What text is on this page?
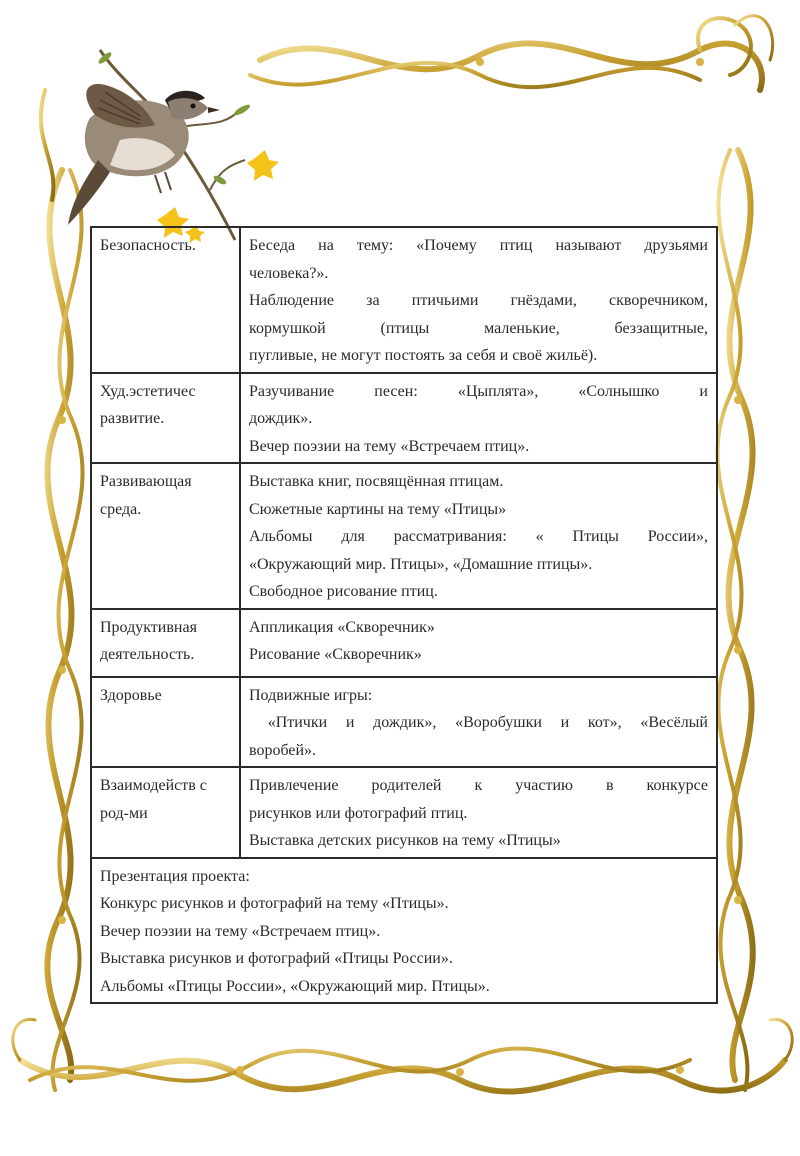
Безопасность.	Беседа на тему: «Почему птиц называют друзьями
человека?».
Наблюдение за птичьими гнёздами, скворечником,
кормушкой (птицы маленькие, беззащитные,
пугливые, не могут постоять за себя и своё жильё).

Худ.эстетичес развитие.	Разучивание песен: «Цыплята», «Солнышко и
дождик».
Вечер поэзии на тему «Встречаем птиц».

Развивающая среда.	Выставка книг, посвящённая птицам.
Сюжетные картины на тему «Птицы»
Альбомы для рассматривания: « Птицы России»,
«Окружающий мир. Птицы», «Домашние птицы».
Свободное рисование птиц.

Продуктивная деятельность.	Аппликация «Скворечник»
Рисование «Скворечник»

Здоровье	Подвижные игры:
«Птички и дождик», «Воробушки и кот», «Весёлый
воробей».

Взаимодейств с род-ми	Привлечение родителей к участию в конкурсе
рисунков или фотографий птиц.
Выставка детских рисунков на тему «Птицы»

Презентация проекта:
Конкурс рисунков и фотографий на тему «Птицы».
Вечер поэзии на тему «Встречаем птиц».
Выставка рисунков и фотографий «Птицы России».
Альбомы «Птицы России», «Окружающий мир. Птицы».	
